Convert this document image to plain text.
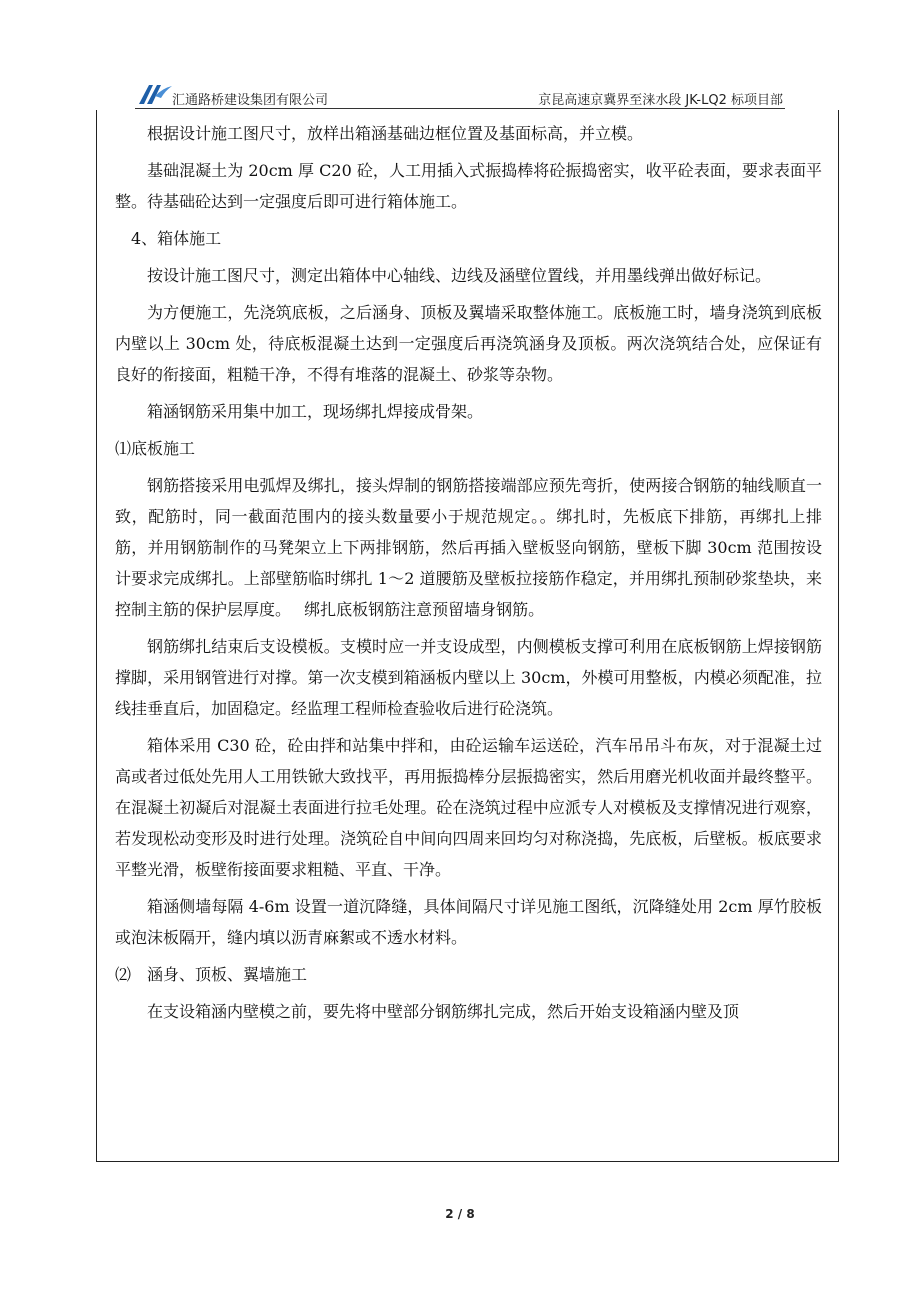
汇通路桥建设集团有限公司	京昆高速京冀界至涞水段 JK-LQ2 标项目部

根据设计施工图尺寸，放样出箱涵基础边框位置及基面标高，并立模。

基础混凝土为 20cm 厚 C20 砼，人工用插入式振捣棒将砼振捣密实，收平砼表面，要求表面平整。待基础砼达到一定强度后即可进行箱体施工。

4、箱体施工

按设计施工图尺寸，测定出箱体中心轴线、边线及涵壁位置线，并用墨线弹出做好标记。

为方便施工，先浇筑底板，之后涵身、顶板及翼墙采取整体施工。底板施工时，墙身浇筑到底板内壁以上 30cm 处，待底板混凝土达到一定强度后再浇筑涵身及顶板。两次浇筑结合处，应保证有良好的衔接面，粗糙干净，不得有堆落的混凝土、砂浆等杂物。

箱涵钢筋采用集中加工，现场绑扎焊接成骨架。

⑴底板施工

钢筋搭接采用电弧焊及绑扎，接头焊制的钢筋搭接端部应预先弯折，使两接合钢筋的轴线顺直一致，配筋时，同一截面范围内的接头数量要小于规范规定。。绑扎时，先板底下排筋，再绑扎上排筋，并用钢筋制作的马凳架立上下两排钢筋，然后再插入壁板竖向钢筋，壁板下脚 30cm 范围按设计要求完成绑扎。上部壁筋临时绑扎 1～2 道腰筋及壁板拉接筋作稳定，并用绑扎预制砂浆垫块，来控制主筋的保护层厚度。　 绑扎底板钢筋注意预留墙身钢筋。

钢筋绑扎结束后支设模板。支模时应一并支设成型，内侧模板支撑可利用在底板钢筋上焊接钢筋撑脚，采用钢管进行对撑。第一次支模到箱涵板内壁以上 30cm，外模可用整板，内模必须配准，拉线挂垂直后，加固稳定。经监理工程师检查验收后进行砼浇筑。

箱体采用 C30 砼，砼由拌和站集中拌和，由砼运输车运送砼，汽车吊吊斗布灰，对于混凝土过高或者过低处先用人工用铁锨大致找平，再用振捣棒分层振捣密实，然后用磨光机收面并最终整平。在混凝土初凝后对混凝土表面进行拉毛处理。砼在浇筑过程中应派专人对模板及支撑情况进行观察，若发现松动变形及时进行处理。浇筑砼自中间向四周来回均匀对称浇捣，先底板，后壁板。板底要求平整光滑，板壁衔接面要求粗糙、平直、干净。

箱涵侧墙每隔 4-6m 设置一道沉降缝，具体间隔尺寸详见施工图纸，沉降缝处用 2cm 厚竹胶板或泡沫板隔开，缝内填以沥青麻絮或不透水材料。

⑵　涵身、顶板、翼墙施工

在支设箱涵内壁模之前，要先将中壁部分钢筋绑扎完成，然后开始支设箱涵内壁及顶

2 / 8
